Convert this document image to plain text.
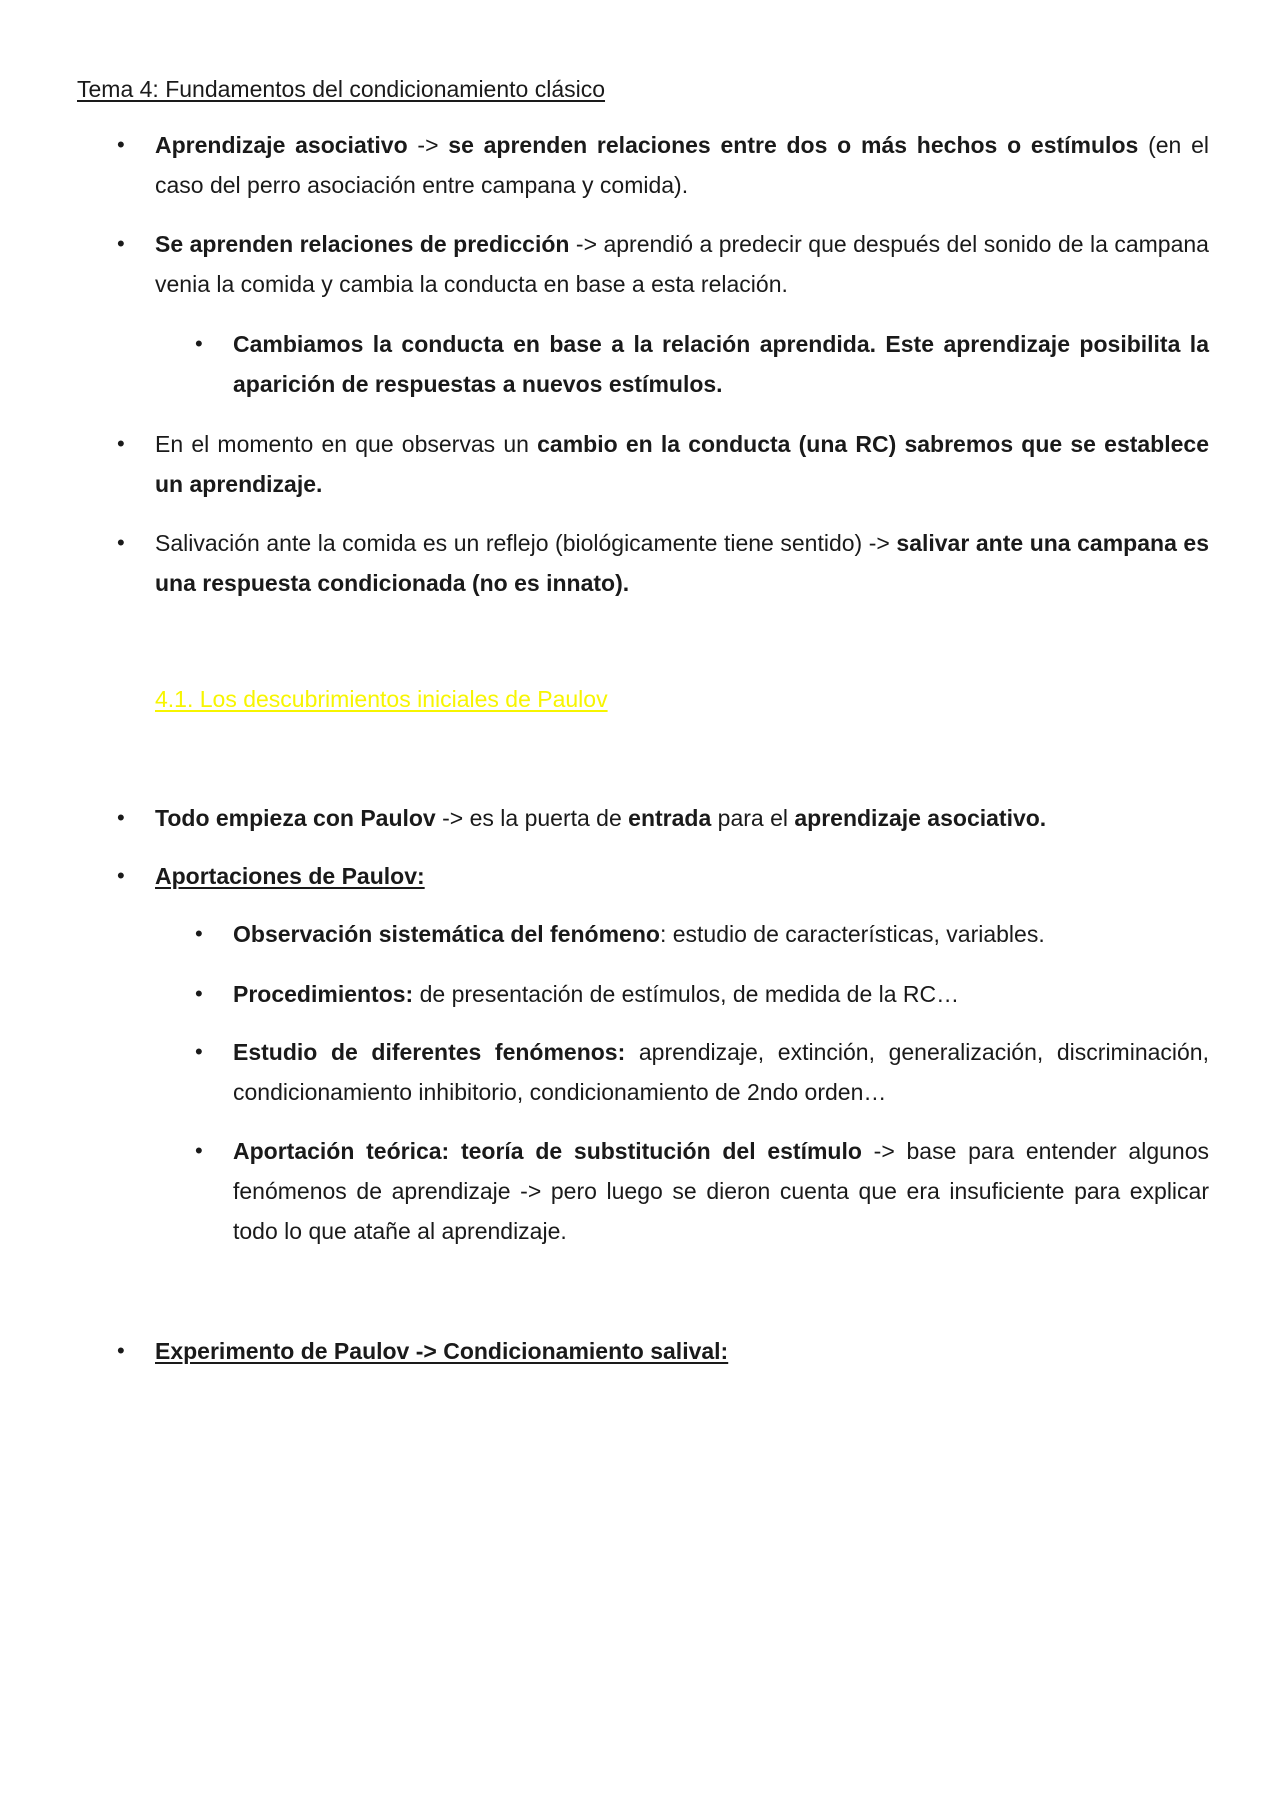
Tema 4: Fundamentos del condicionamiento clásico
• Aprendizaje asociativo -> se aprenden relaciones entre dos o más hechos o estímulos (en el caso del perro asociación entre campana y comida).
• Se aprenden relaciones de predicción -> aprendió a predecir que después del sonido de la campana venia la comida y cambia la conducta en base a esta relación.
• Cambiamos la conducta en base a la relación aprendida. Este aprendizaje posibilita la aparición de respuestas a nuevos estímulos.
• En el momento en que observas un cambio en la conducta (una RC) sabremos que se establece un aprendizaje.
• Salivación ante la comida es un reflejo (biológicamente tiene sentido) -> salivar ante una campana es una respuesta condicionada (no es innato).
4.1. Los descubrimientos iniciales de Paulov
• Todo empieza con Paulov -> es la puerta de entrada para el aprendizaje asociativo.
• Aportaciones de Paulov:
• Observación sistemática del fenómeno: estudio de características, variables.
• Procedimientos: de presentación de estímulos, de medida de la RC…
• Estudio de diferentes fenómenos: aprendizaje, extinción, generalización, discriminación, condicionamiento inhibitorio, condicionamiento de 2ndo orden…
• Aportación teórica: teoría de substitución del estímulo -> base para entender algunos fenómenos de aprendizaje -> pero luego se dieron cuenta que era insuficiente para explicar todo lo que atañe al aprendizaje.
• Experimento de Paulov -> Condicionamiento salival:
